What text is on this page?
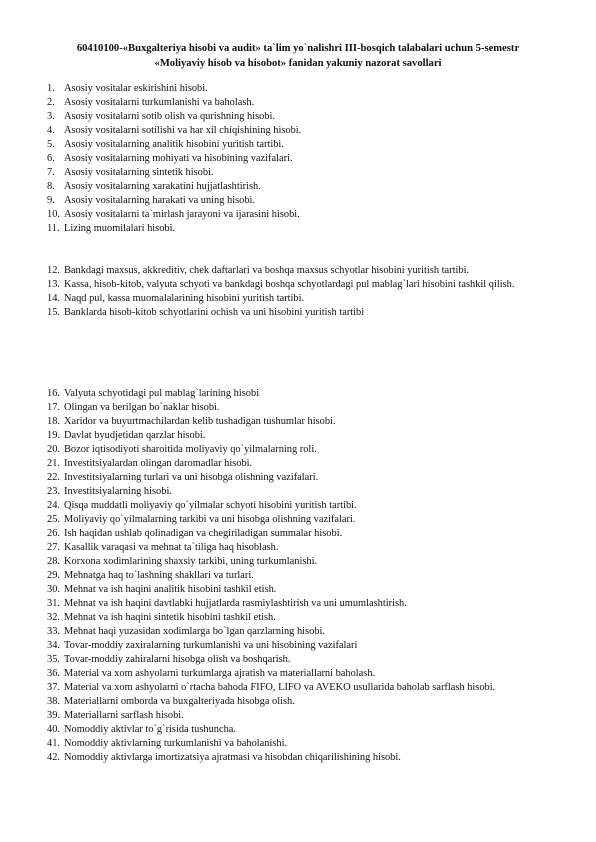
60410100-«Buxgalteriya hisobi va audit» ta`lim yo`nalishri III-bosqich talabalari uchun 5-semestr
«Moliyaviy hisob va hisobot» fanidan yakuniy nazorat savollari
1. Asosiy vositalar eskirishini hisobi.
2. Asosiy vositalarni turkumlanishi va baholash.
3. Asosiy vositalarni sotib olish va qurishning hisobi.
4. Asosiy vositalarni sotilishi va har xil chiqishining hisobi.
5. Asosiy vositalarning analitik hisobini yuritish tartibi.
6. Asosiy vositalarning mohiyati va hisobining vazifalari.
7. Asosiy vositalarning sintetik hisobi.
8. Asosiy vositalarning xarakatini hujjatlashtirish.
9. Asosiy vositalarning harakati va uning hisobi.
10. Asosiy vositalarni ta`mirlash jarayoni va ijarasini hisobi.
11. Lizing muomilalari hisobi.
12. Bankdagi maxsus, akkreditiv, chek daftarlari va boshqa maxsus schyotlar hisobini yuritish tartibi.
13. Kassa, hisob-kitob, valyuta schyoti va bankdagi boshqa schyotlardagi pul mablag`lari hisobini tashkil qilish.
14. Naqd pul, kassa muomalalarining hisobini yuritish tartibi.
15. Banklarda hisob-kitob schyotlarini ochish va uni hisobini yuritish tartibi
16. Valyuta schyotidagi pul mablag`larining hisobi
17. Olingan va berilgan bo`naklar hisobi.
18. Xaridor va buyurtmachilardan kelib tushadigan tushumlar hisobi.
19. Davlat byudjetidan qarzlar hisobi.
20. Bozor iqtisodiyoti sharoitida moliyaviy qo`yilmalarning roli.
21. Investitsiyalardan olingan daromadlar hisobi.
22. Investitsiyalarning turlari va uni hisobga olishning vazifalari.
23. Investitsiyalarning hisobi.
24. Qisqa muddatli moliyaviy qo`yilmalar schyoti hisobini yuritish tartibi.
25. Moliyaviy qo`yilmalarning tarkibi va uni hisobga olishning vazifalari.
26. Ish haqidan ushlab qolinadigan va chegiriladigan summalar hisobi.
27. Kasallik varaqasi va mehnat ta`tiliga haq hisoblash.
28. Korxona xodimlarining shaxsiy tarkibi, uning turkumlanishi.
29. Mehnatga haq to`lashning shakllari va turlari.
30. Mehnat va ish haqini analitik hisobini tashkil etish.
31. Mehnat va ish haqini davtlabki hujjatlarda rasmiylashtirish va uni umumlashtirish.
32. Mehnat va ish haqini sintetik hisobini tashkil etish.
33. Mehnat haqi yuzasidan xodimlarga bo`lgan qarzlarning hisobi.
34. Tovar-moddiy zaxiralarning turkumlanishi va uni hisobining vazifalari
35. Tovar-moddiy zahiralarni hisobga olish va boshqarish.
36. Material va xom ashyolarni turkumlarga ajratish va materiallarni baholash.
37. Material va xom ashyolarni o`rtacha bahoda FIFO, LIFO va AVEKO usullarida baholab sarflash hisobi.
38. Materiallarni omborda va buxgalteriyada hisobga olish.
39. Materiallarni sarflash hisobi.
40. Nomoddiy aktivlar to`g`risida tushuncha.
41. Nomoddiy aktivlarning turkumlanishi va baholanishi.
42. Nomoddiy aktivlarga imortizatsiya ajratmasi va hisobdan chiqarilishining hisobi.
